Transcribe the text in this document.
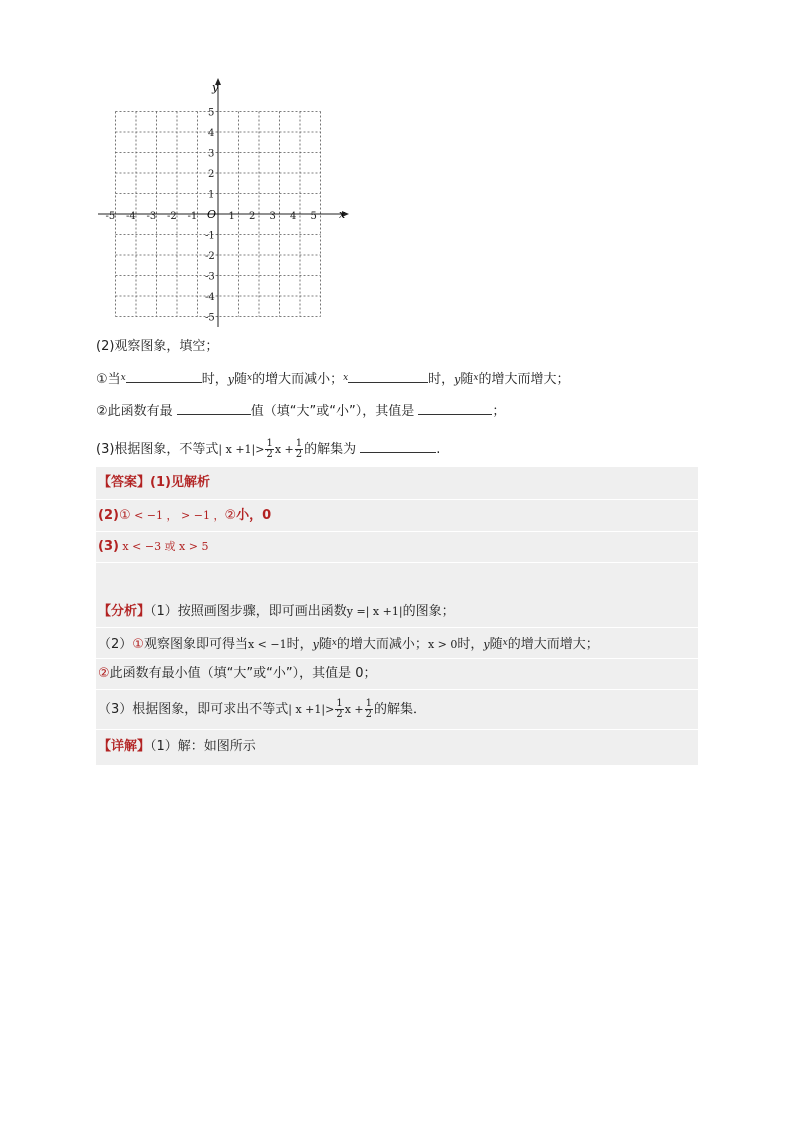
-5 -4 -3 -2 -1	1 2 3 4 5
5
4
3
2
1
-1
-2
-3
-4
-5
y
x
O
(2)观察图象，填空；
①当$^x$	时，y随$^x$的增大而减小；$^x$	时，y随$^x$的增大而增大；
②此函数有最	值（填“大”或“小”），其值是	；
(3)根据图象，不等式| $x +1|> \frac{1}{2}$ $x + \frac{1}{2}$ 的解集为	.
【答案】(1)见解析
(2)① < −1 ， > −1 ，②小，0
(3) x < −3 或 x > 5
【分析】（1）按照画图步骤，即可画出函数y =| x +1|的图象；
（2）①观察图象即可得当x < −1时，y随$^x$的增大而减小；x > 0时，y随$^x$的增大而增大；
②此函数有最小值（填“大”或“小”），其值是 0；
（3）根据图象，即可求出不等式| $x +1|> \frac{1}{2}$ $x + \frac{1}{2}$ 的解集．
【详解】（1）解：如图所示
